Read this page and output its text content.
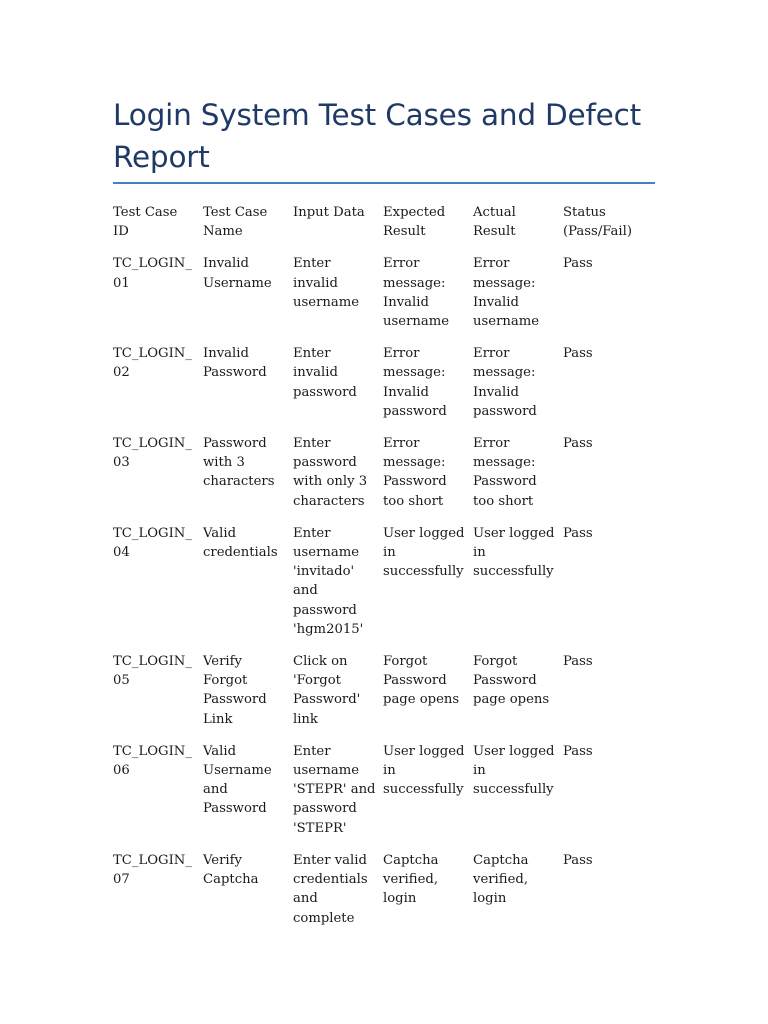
Login System Test Cases and Defect Report
Test Case ID	Test Case Name	Input Data	Expected Result	Actual Result	Status (Pass/Fail)
TC_LOGIN_01	Invalid Username	Enter invalid username	Error message: Invalid username	Error message: Invalid username	Pass
TC_LOGIN_02	Invalid Password	Enter invalid password	Error message: Invalid password	Error message: Invalid password	Pass
TC_LOGIN_03	Password with 3 characters	Enter password with only 3 characters	Error message: Password too short	Error message: Password too short	Pass
TC_LOGIN_04	Valid credentials	Enter username 'invitado' and password 'hgm2015'	User logged in successfully	User logged in successfully	Pass
TC_LOGIN_05	Verify Forgot Password Link	Click on 'Forgot Password' link	Forgot Password page opens	Forgot Password page opens	Pass
TC_LOGIN_06	Valid Username and Password	Enter username 'STEPR' and password 'STEPR'	User logged in successfully	User logged in successfully	Pass
TC_LOGIN_07	Verify Captcha	Enter valid credentials and complete	Captcha verified, login	Captcha verified, login	Pass
